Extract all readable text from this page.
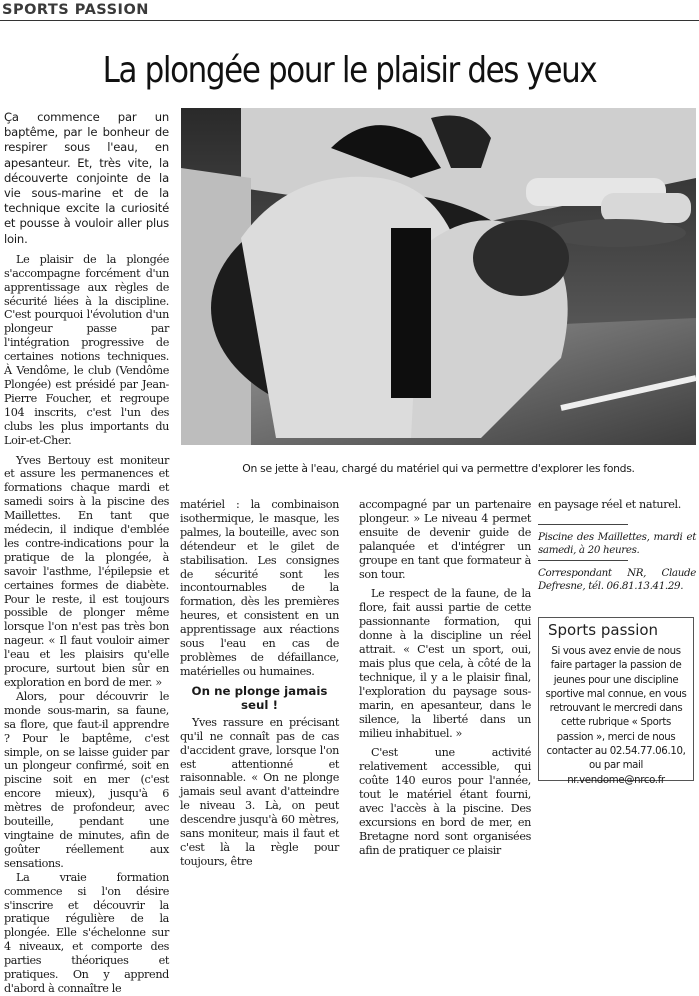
SPORTS PASSION
La plongée pour le plaisir des yeux

Ça commence par un baptême, par le bonheur de respirer sous l'eau, en apesanteur. Et, très vite, la découverte conjointe de la vie sous-marine et de la technique excite la curiosité et pousse à vouloir aller plus loin.

Le plaisir de la plongée s'accompagne forcément d'un apprentissage aux règles de sécurité liées à la discipline. C'est pourquoi l'évolution d'un plongeur passe par l'intégration progressive de certaines notions techniques. À Vendôme, le club (Vendôme Plongée) est présidé par Jean-Pierre Foucher, et regroupe 104 inscrits, c'est l'un des clubs les plus importants du Loir-et-Cher.

Yves Bertouy est moniteur et assure les permanences et formations chaque mardi et samedi soirs à la piscine des Maillettes. En tant que médecin, il indique d'emblée les contre-indications pour la pratique de la plongée, à savoir l'asthme, l'épilepsie et certaines formes de diabète. Pour le reste, il est toujours possible de plonger même lorsque l'on n'est pas très bon nageur. « Il faut vouloir aimer l'eau et les plaisirs qu'elle procure, surtout bien sûr en exploration en bord de mer. »

Alors, pour découvrir le monde sous-marin, sa faune, sa flore, que faut-il apprendre ? Pour le baptême, c'est simple, on se laisse guider par un plongeur confirmé, soit en piscine soit en mer (c'est encore mieux), jusqu'à 6 mètres de profondeur, avec bouteille, pendant une vingtaine de minutes, afin de goûter réellement aux sensations.

La vraie formation commence si l'on désire s'inscrire et découvrir la pratique régulière de la plongée. Elle s'échelonne sur 4 niveaux, et comporte des parties théoriques et pratiques. On y apprend d'abord à connaître le

On se jette à l'eau, chargé du matériel qui va permettre d'explorer les fonds.

matériel : la combinaison isothermique, le masque, les palmes, la bouteille, avec son détendeur et le gilet de stabilisation. Les consignes de sécurité sont les incontournables de la formation, dès les premières heures, et consistent en un apprentissage aux réactions sous l'eau en cas de problèmes de défaillance, matérielles ou humaines.

On ne plonge jamais seul !

Yves rassure en précisant qu'il ne connaît pas de cas d'accident grave, lorsque l'on est attentionné et raisonnable. « On ne plonge jamais seul avant d'atteindre le niveau 3. Là, on peut descendre jusqu'à 60 mètres, sans moniteur, mais il faut et c'est là la règle pour toujours, être

accompagné par un partenaire plongeur. » Le niveau 4 permet ensuite de devenir guide de palanquée et d'intégrer un groupe en tant que formateur à son tour.

Le respect de la faune, de la flore, fait aussi partie de cette passionnante formation, qui donne à la discipline un réel attrait. « C'est un sport, oui, mais plus que cela, à côté de la technique, il y a le plaisir final, l'exploration du paysage sous-marin, en apesanteur, dans le silence, la liberté dans un milieu inhabituel. »

C'est une activité relativement accessible, qui coûte 140 euros pour l'année, tout le matériel étant fourni, avec l'accès à la piscine. Des excursions en bord de mer, en Bretagne nord sont organisées afin de pratiquer ce plaisir

en paysage réel et naturel.

Piscine des Maillettes, mardi et samedi, à 20 heures.

Correspondant NR, Claude Defresne, tél. 06.81.13.41.29.

Sports passion

Si vous avez envie de nous faire partager la passion de jeunes pour une discipline sportive mal connue, en vous retrouvant le mercredi dans cette rubrique « Sports passion », merci de nous contacter au 02.54.77.06.10, ou par mail nr.vendome@nrco.fr
